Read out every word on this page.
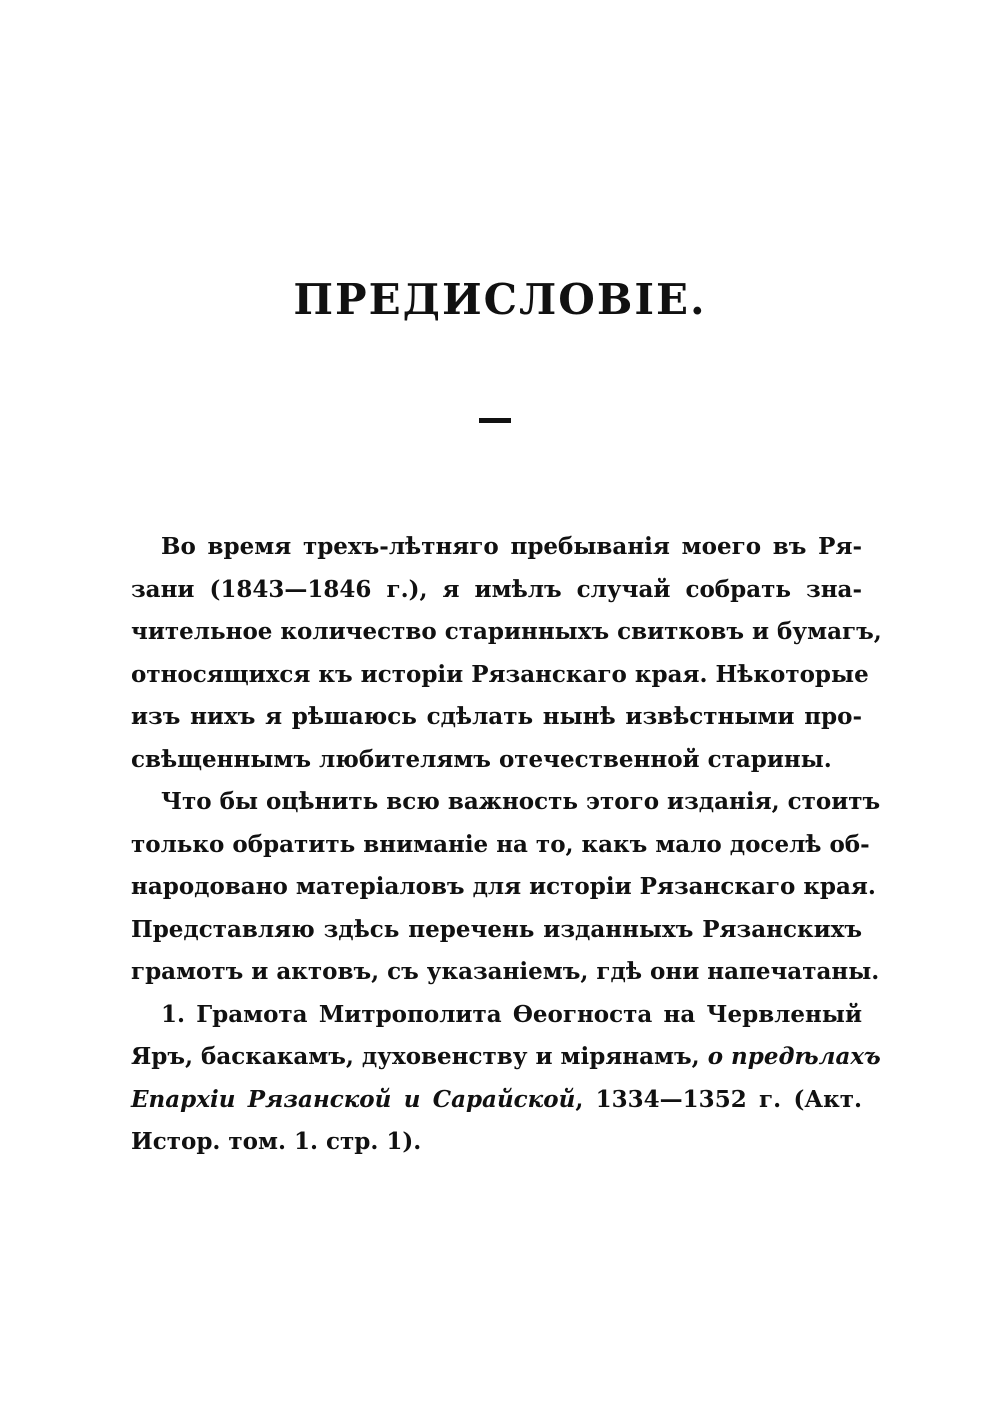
ПРЕДИСЛОВІЕ.
Во время трехъ-лѣтняго пребыванія моего въ Ря-
зани (1843—1846 г.), я имѣлъ случай собрать зна-
чительное количество старинныхъ свитковъ и бумагъ,
относящихся къ исторіи Рязанскаго края. Нѣкоторые
изъ нихъ я рѣшаюсь сдѣлать нынѣ извѣстными про-
свѣщеннымъ любителямъ отечественной старины.
Что бы оцѣнить всю важность этого изданія, стоитъ
только обратить вниманіе на то, какъ мало доселѣ об-
народовано матеріаловъ для исторіи Рязанскаго края.
Представляю здѣсь перечень изданныхъ Рязанскихъ
грамотъ и актовъ, съ указаніемъ, гдѣ они напечатаны.
1. Грамота Митрополита Ѳеогноста на Червленый
Яръ, баскакамъ, духовенству и мірянамъ, о предѣлахъ
Епархіи Рязанской и Сарайской, 1334—1352 г. (Акт.
Истор. том. 1. стр. 1).
